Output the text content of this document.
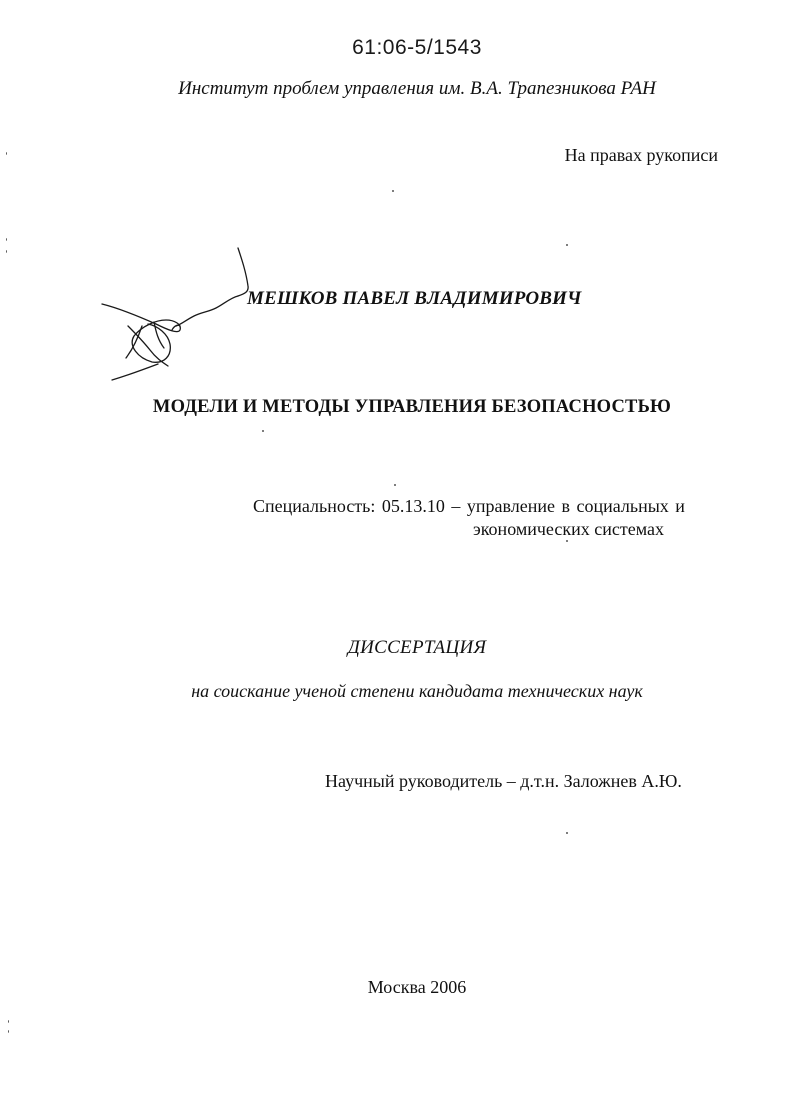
61:06-5/1543
Институт проблем управления им. В.А. Трапезникова РАН
На правах рукописи
МЕШКОВ ПАВЕЛ ВЛАДИМИРОВИЧ
МОДЕЛИ И МЕТОДЫ УПРАВЛЕНИЯ БЕЗОПАСНОСТЬЮ
Специальность: 05.13.10 – управление в социальных и
экономических системах
ДИССЕРТАЦИЯ
на соискание ученой степени кандидата технических наук
Научный руководитель – д.т.н. Заложнев А.Ю.
Москва 2006
